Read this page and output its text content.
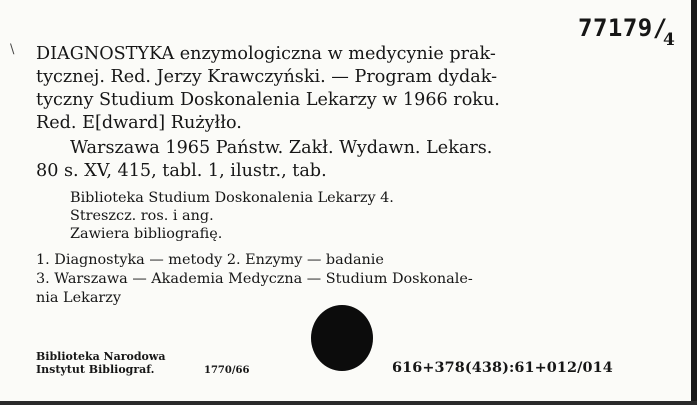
\
77179/
4
DIAGNOSTYKA enzymologiczna w medycynie prak-
tycznej. Red. Jerzy Krawczyński. — Program dydak-
tyczny Studium Doskonalenia Lekarzy w 1966 roku.
Red. E[dward] Rużyłło.
Warszawa 1965 Państw. Zakł. Wydawn. Lekars.
80 s. XV, 415, tabl. 1, ilustr., tab.
Biblioteka Studium Doskonalenia Lekarzy 4.
Streszcz. ros. i ang.
Zawiera bibliografię.
1. Diagnostyka — metody 2. Enzymy — badanie
3. Warszawa — Akademia Medyczna — Studium Doskonale-
nia Lekarzy
Biblioteka Narodowa
Instytut Bibliograf.	1770/66	616+378(438):61+012/014
